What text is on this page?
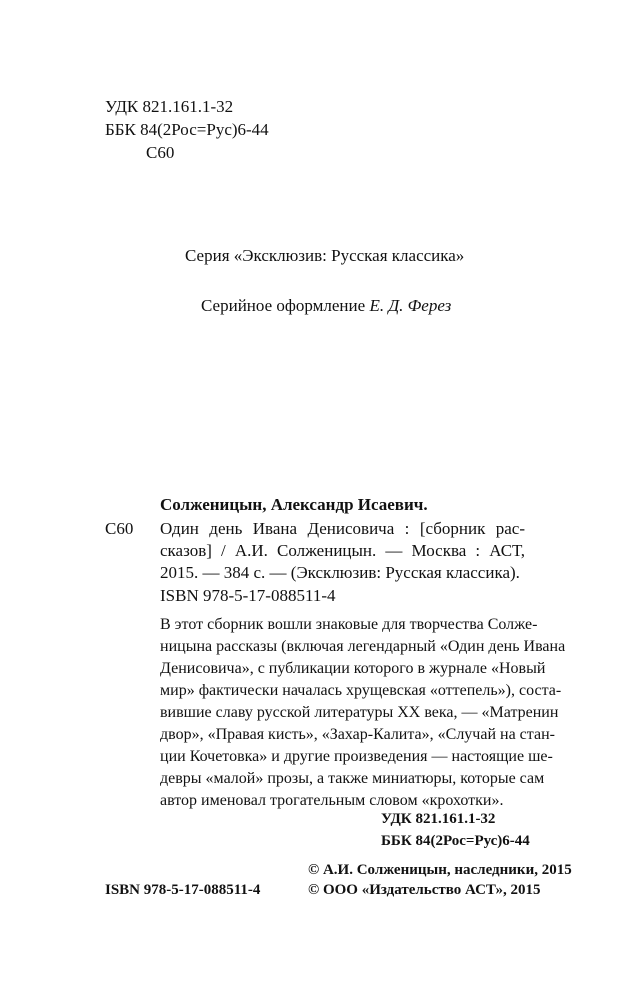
УДК 821.161.1-32
ББК 84(2Рос=Рус)6-44
С60
Серия «Эксклюзив: Русская классика»
Серийное оформление Е. Д. Ферез
Солженицын, Александр Исаевич.
С60 Один день Ивана Денисовича : [сборник рас-
сказов] / А.И. Солженицын. — Москва : АСТ,
2015. — 384 с. — (Эксклюзив: Русская классика).
ISBN 978-5-17-088511-4
В этот сборник вошли знаковые для творчества Солже-
ницына рассказы (включая легендарный «Один день Ивана
Денисовича», с публикации которого в журнале «Новый
мир» фактически началась хрущевская «оттепель»), соста-
вившие славу русской литературы XX века, — «Матренин
двор», «Правая кисть», «Захар-Калита», «Случай на стан-
ции Кочетовка» и другие произведения — настоящие ше-
девры «малой» прозы, а также миниатюры, которые сам
автор именовал трогательным словом «крохотки».
УДК 821.161.1-32
ББК 84(2Рос=Рус)6-44
© А.И. Солженицын, наследники, 2015
ISBN 978-5-17-088511-4	© ООО «Издательство АСТ», 2015
